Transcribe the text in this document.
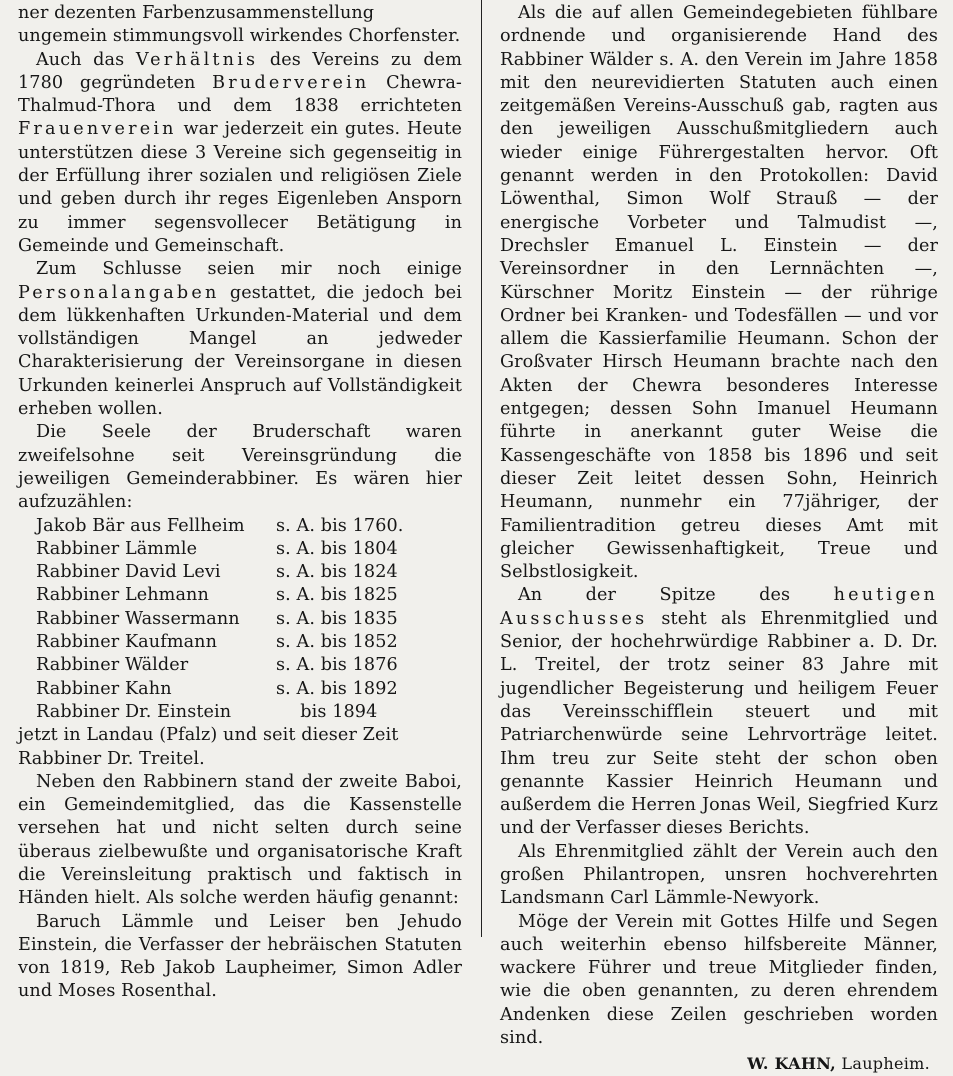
ner dezenten Farbenzusammenstellung ungemein stimmungsvoll wirkendes Chorfenster.

Auch das Verhältnis des Vereins zu dem 1780 gegründeten Bruderverein Chewra-Thalmud-Thora und dem 1838 errichteten Frauenverein war jederzeit ein gutes. Heute unterstützen diese 3 Vereine sich gegenseitig in der Erfüllung ihrer sozialen und religiösen Ziele und geben durch ihr reges Eigenleben Ansporn zu immer segensvollecer Betätigung in Gemeinde und Gemeinschaft.

Zum Schlusse seien mir noch einige Personalangaben gestattet, die jedoch bei dem lükkenhaften Urkunden-Material und dem vollständigen Mangel an jedweder Charakterisierung der Vereinsorgane in diesen Urkunden keinerlei Anspruch auf Vollständigkeit erheben wollen.

Die Seele der Bruderschaft waren zweifelsohne seit Vereinsgründung die jeweiligen Gemeinderabbiner. Es wären hier aufzuzählen:

Jakob Bär aus Fellheim	s. A. bis 1760.
Rabbiner Lämmle	s. A. bis 1804
Rabbiner David Levi	s. A. bis 1824
Rabbiner Lehmann	s. A. bis 1825
Rabbiner Wassermann	s. A. bis 1835
Rabbiner Kaufmann	s. A. bis 1852
Rabbiner Wälder	s. A. bis 1876
Rabbiner Kahn	s. A. bis 1892
Rabbiner Dr. Einstein	bis 1894

jetzt in Landau (Pfalz) und seit dieser Zeit Rabbiner Dr. Treitel.

Neben den Rabbinern stand der zweite Baboi, ein Gemeindemitglied, das die Kassenstelle versehen hat und nicht selten durch seine überaus zielbewußte und organisatorische Kraft die Vereinsleitung praktisch und faktisch in Händen hielt. Als solche werden häufig genannt:

Baruch Lämmle und Leiser ben Jehudo Einstein, die Verfasser der hebräischen Statuten von 1819, Reb Jakob Laupheimer, Simon Adler und Moses Rosenthal.

Als die auf allen Gemeindegebieten fühlbare ordnende und organisierende Hand des Rabbiner Wälder s. A. den Verein im Jahre 1858 mit den neurevidierten Statuten auch einen zeitgemäßen Vereins-Ausschuß gab, ragten aus den jeweiligen Ausschußmitgliedern auch wieder einige Führergestalten hervor. Oft genannt werden in den Protokollen: David Löwenthal, Simon Wolf Strauß — der energische Vorbeter und Talmudist —, Drechsler Emanuel L. Einstein — der Vereinsordner in den Lernnächten —, Kürschner Moritz Einstein — der rührige Ordner bei Kranken- und Todesfällen — und vor allem die Kassierfamilie Heumann. Schon der Großvater Hirsch Heumann brachte nach den Akten der Chewra besonderes Interesse entgegen; dessen Sohn Imanuel Heumann führte in anerkannt guter Weise die Kassengeschäfte von 1858 bis 1896 und seit dieser Zeit leitet dessen Sohn, Heinrich Heumann, nunmehr ein 77jähriger, der Familientradition getreu dieses Amt mit gleicher Gewissenhaftigkeit, Treue und Selbstlosigkeit.

An der Spitze des heutigen Ausschusses steht als Ehrenmitglied und Senior, der hochehrwürdige Rabbiner a. D. Dr. L. Treitel, der trotz seiner 83 Jahre mit jugendlicher Begeisterung und heiligem Feuer das Vereinsschifflein steuert und mit Patriarchenwürde seine Lehrvorträge leitet. Ihm treu zur Seite steht der schon oben genannte Kassier Heinrich Heumann und außerdem die Herren Jonas Weil, Siegfried Kurz und der Verfasser dieses Berichts.

Als Ehrenmitglied zählt der Verein auch den großen Philantropen, unsren hochverehrten Landsmann Carl Lämmle-Newyork.

Möge der Verein mit Gottes Hilfe und Segen auch weiterhin ebenso hilfsbereite Männer, wackere Führer und treue Mitglieder finden, wie die oben genannten, zu deren ehrendem Andenken diese Zeilen geschrieben worden sind.

W. KAHN, Laupheim.
